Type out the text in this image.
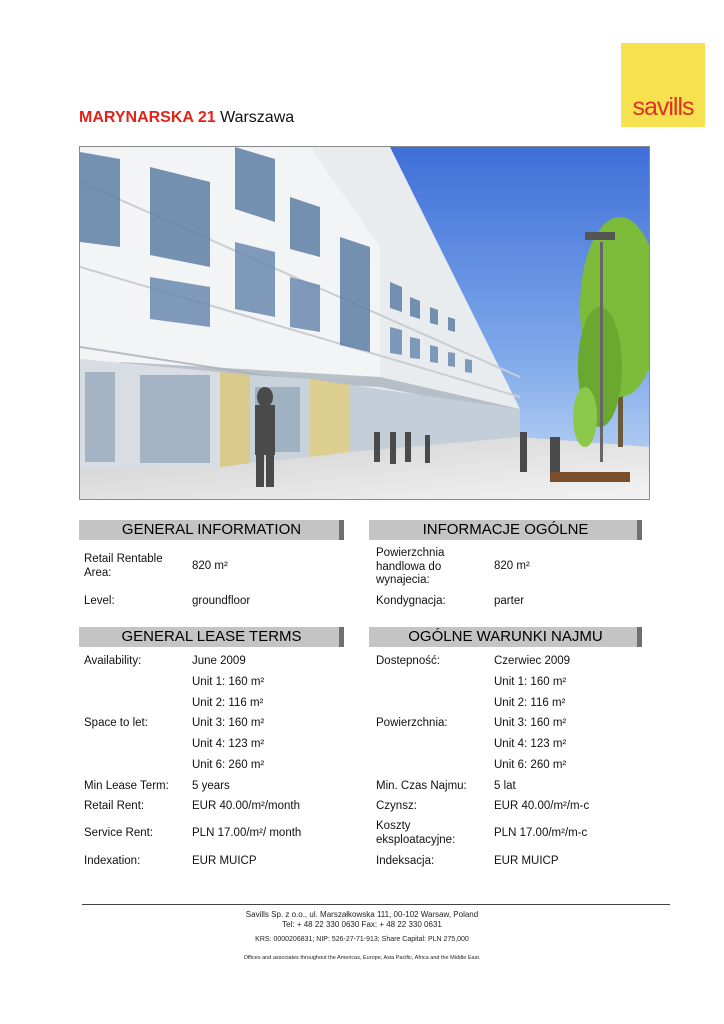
savills
MARYNARSKA 21 Warszawa
GENERAL INFORMATION	INFORMACJE OGÓLNE
Retail Rentable Area:
820 m²
Level:	groundfloor
Powierzchnia handlowa do wynajecia:
820 m²
Kondygnacja:	parter
GENERAL LEASE TERMS	OGÓLNE WARUNKI NAJMU
Availability:	June 2009
Unit 1: 160 m²
Unit 2: 116 m²
Space to let:	Unit 3: 160 m²
Unit 4: 123 m²
Unit 6: 260 m²
Min Lease Term: 5 years
Retail Rent:	EUR 40.00/m²/month
Service Rent:	PLN 17.00/m²/ month
Indexation:	EUR MUICP
Dostepność:	Czerwiec 2009
Unit 1: 160 m²
Unit 2: 116 m²
Powierzchnia:	Unit 3: 160 m²
Unit 4: 123 m²
Unit 6: 260 m²
Min. Czas Najmu: 5 lat
Czynsz:	EUR 40.00/m²/m-c
Koszty eksploatacyjne:
PLN 17.00/m²/m-c
Indeksacja:	EUR MUICP
Savills Sp. z o.o., ul. Marszałkowska 111, 00-102 Warsaw, Poland
Tel: + 48 22 330 0630 Fax: + 48 22 330 0631
KRS: 0000206831; NIP: 526-27-71-913; Share Capital: PLN 275,000
Offices and associates throughout the Americas, Europe, Asia Pacific, Africa and the Middle East.
